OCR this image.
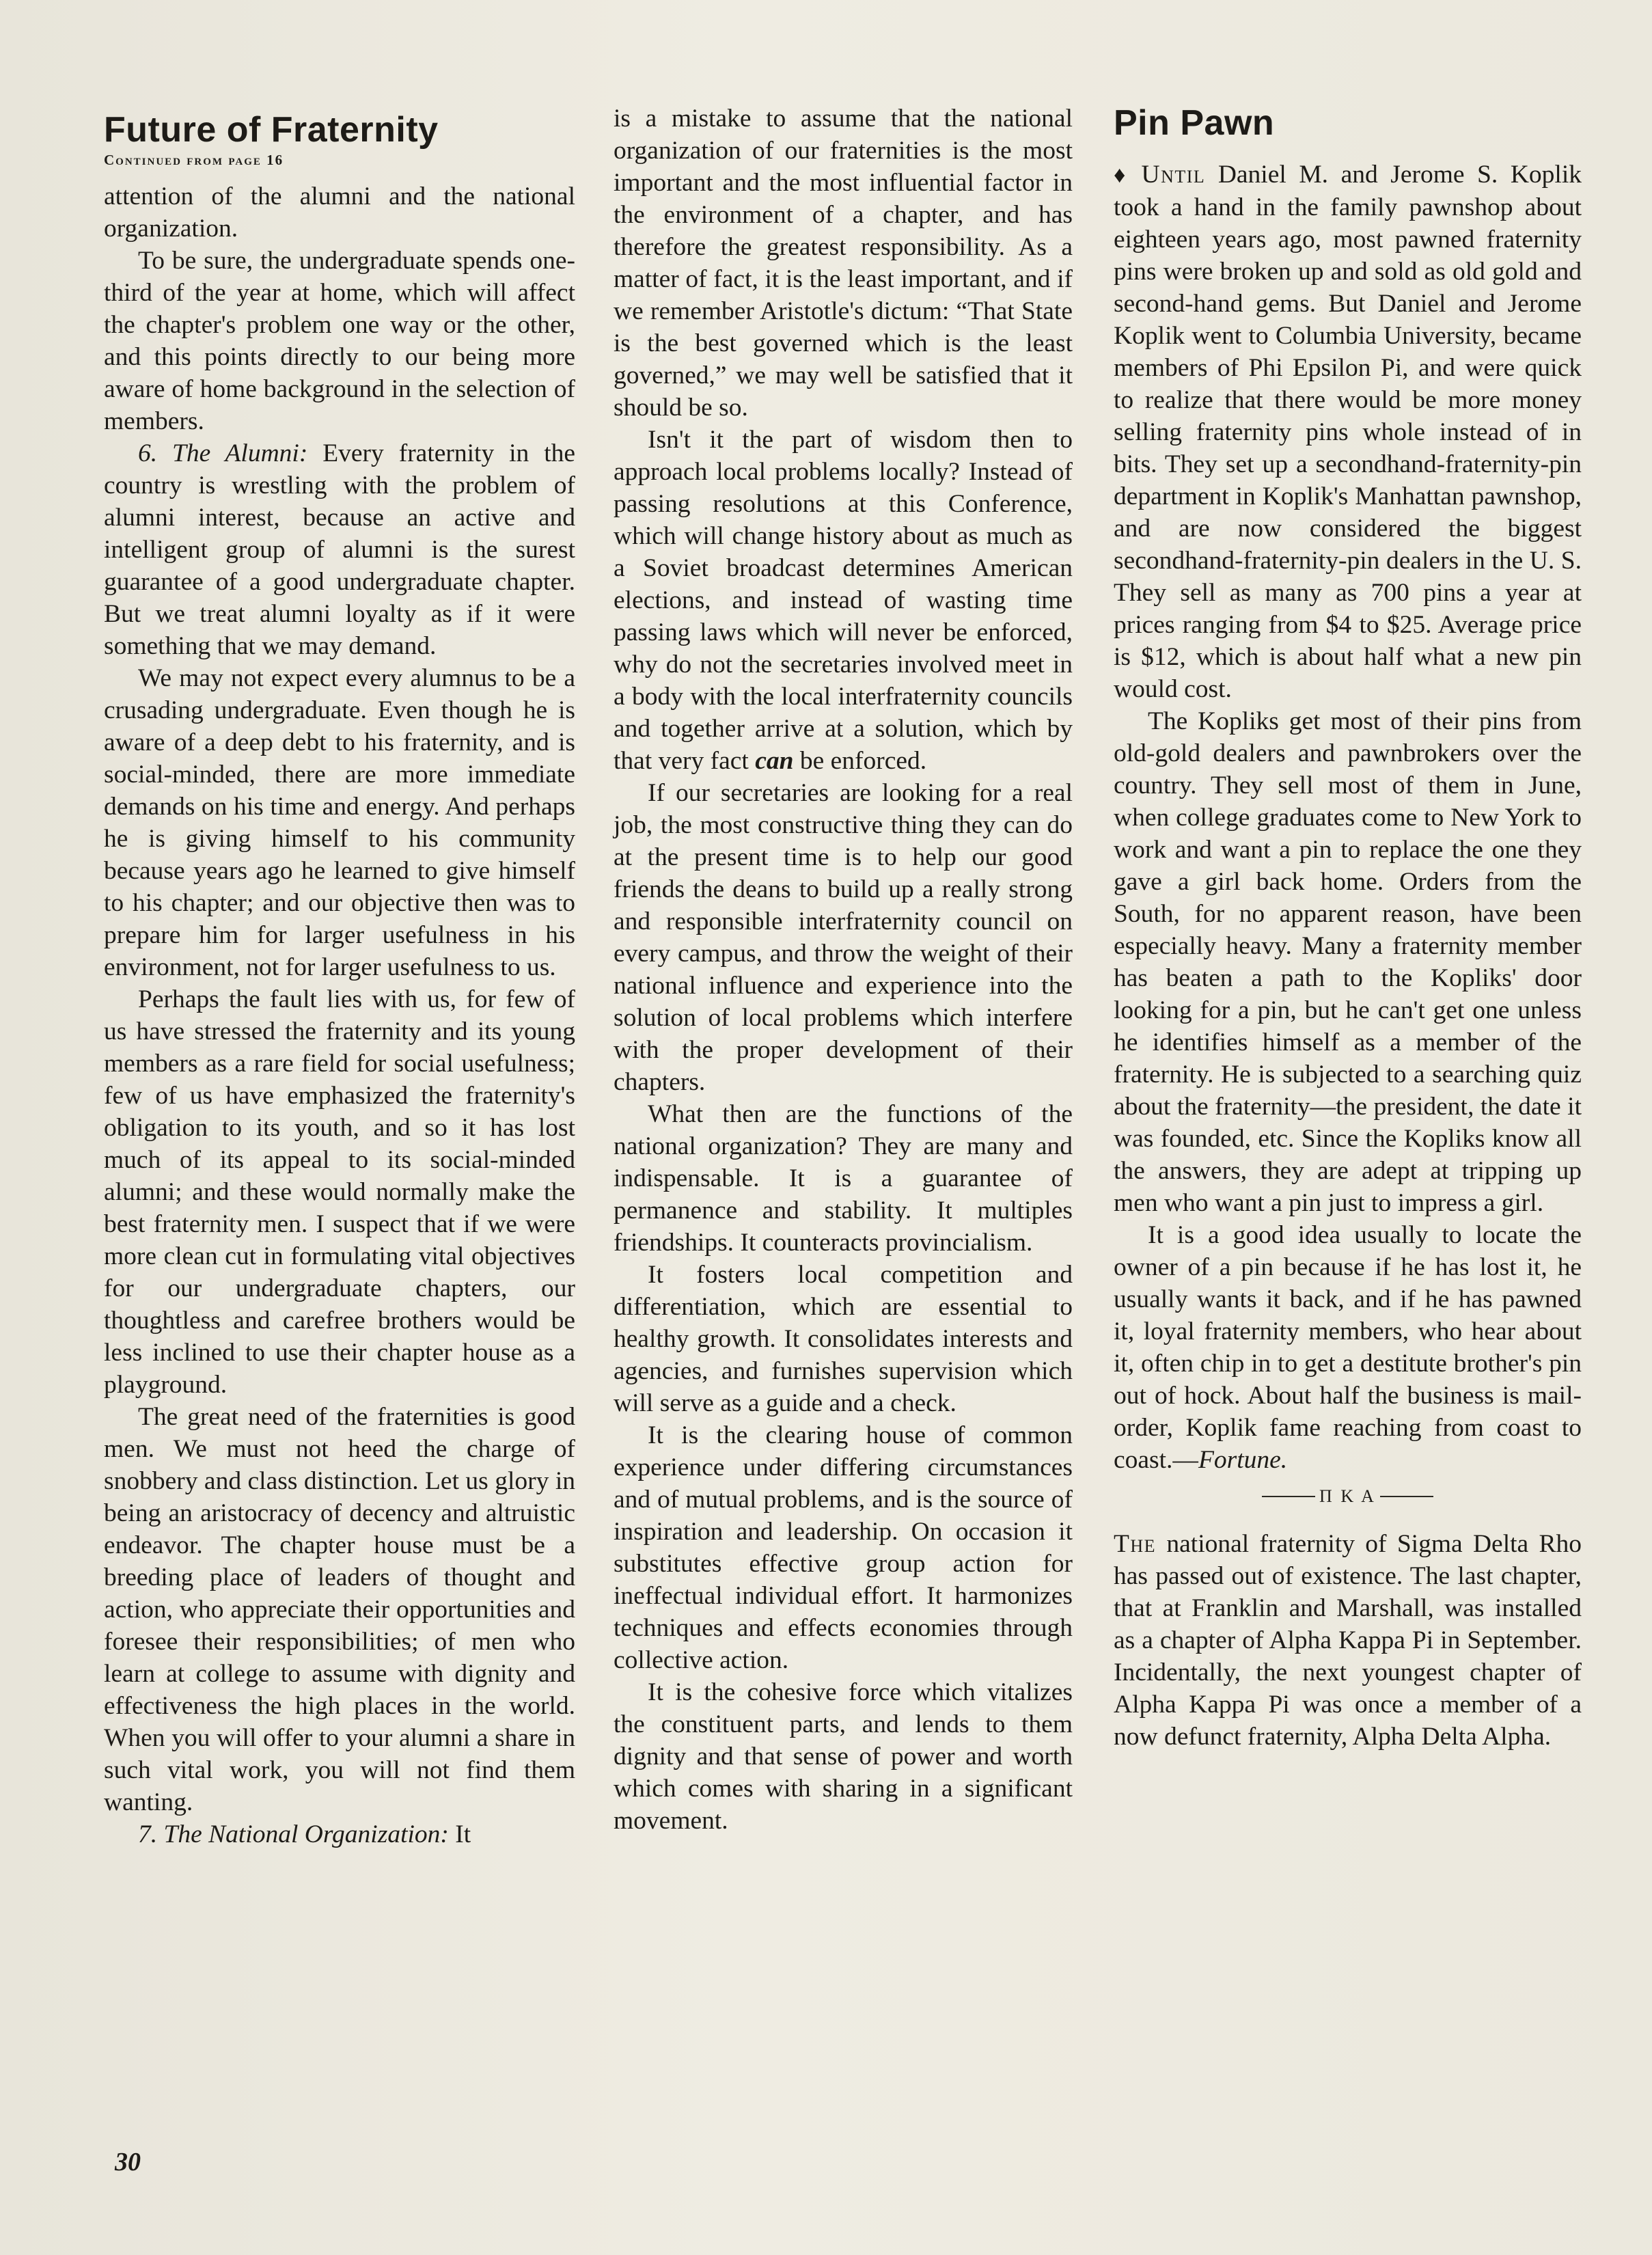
Future of Fraternity
Continued from page 16

attention of the alumni and the national organization.

To be sure, the undergraduate spends one-third of the year at home, which will affect the chapter's problem one way or the other, and this points directly to our being more aware of home background in the selection of members.

6. The Alumni: Every fraternity in the country is wrestling with the problem of alumni interest, because an active and intelligent group of alumni is the surest guarantee of a good undergraduate chapter. But we treat alumni loyalty as if it were something that we may demand.

We may not expect every alumnus to be a crusading undergraduate. Even though he is aware of a deep debt to his fraternity, and is social-minded, there are more immediate demands on his time and energy. And perhaps he is giving himself to his community because years ago he learned to give himself to his chapter; and our objective then was to prepare him for larger usefulness in his environment, not for larger usefulness to us.

Perhaps the fault lies with us, for few of us have stressed the fraternity and its young members as a rare field for social usefulness; few of us have emphasized the fraternity's obligation to its youth, and so it has lost much of its appeal to its social-minded alumni; and these would normally make the best fraternity men. I suspect that if we were more clean cut in formulating vital objectives for our undergraduate chapters, our thoughtless and carefree brothers would be less inclined to use their chapter house as a playground.

The great need of the fraternities is good men. We must not heed the charge of snobbery and class distinction. Let us glory in being an aristocracy of decency and altruistic endeavor. The chapter house must be a breeding place of leaders of thought and action, who appreciate their opportunities and foresee their responsibilities; of men who learn at college to assume with dignity and effectiveness the high places in the world. When you will offer to your alumni a share in such vital work, you will not find them wanting.

7. The National Organization: It

is a mistake to assume that the national organization of our fraternities is the most important and the most influential factor in the environment of a chapter, and has therefore the greatest responsibility. As a matter of fact, it is the least important, and if we remember Aristotle's dictum: “That State is the best governed which is the least governed,” we may well be satisfied that it should be so.

Isn't it the part of wisdom then to approach local problems locally? Instead of passing resolutions at this Conference, which will change history about as much as a Soviet broadcast determines American elections, and instead of wasting time passing laws which will never be enforced, why do not the secretaries involved meet in a body with the local interfraternity councils and together arrive at a solution, which by that very fact can be enforced.

If our secretaries are looking for a real job, the most constructive thing they can do at the present time is to help our good friends the deans to build up a really strong and responsible interfraternity council on every campus, and throw the weight of their national influence and experience into the solution of local problems which interfere with the proper development of their chapters.

What then are the functions of the national organization? They are many and indispensable. It is a guarantee of permanence and stability. It multiples friendships. It counteracts provincialism.

It fosters local competition and differentiation, which are essential to healthy growth. It consolidates interests and agencies, and furnishes supervision which will serve as a guide and a check.

It is the clearing house of common experience under differing circumstances and of mutual problems, and is the source of inspiration and leadership. On occasion it substitutes effective group action for ineffectual individual effort. It harmonizes techniques and effects economies through collective action.

It is the cohesive force which vitalizes the constituent parts, and lends to them dignity and that sense of power and worth which comes with sharing in a significant movement.

Pin Pawn

♦ Until Daniel M. and Jerome S. Koplik took a hand in the family pawnshop about eighteen years ago, most pawned fraternity pins were broken up and sold as old gold and second-hand gems. But Daniel and Jerome Koplik went to Columbia University, became members of Phi Epsilon Pi, and were quick to realize that there would be more money selling fraternity pins whole instead of in bits. They set up a secondhand-fraternity-pin department in Koplik's Manhattan pawnshop, and are now considered the biggest secondhand-fraternity-pin dealers in the U. S. They sell as many as 700 pins a year at prices ranging from $4 to $25. Average price is $12, which is about half what a new pin would cost.

The Kopliks get most of their pins from old-gold dealers and pawnbrokers over the country. They sell most of them in June, when college graduates come to New York to work and want a pin to replace the one they gave a girl back home. Orders from the South, for no apparent reason, have been especially heavy. Many a fraternity member has beaten a path to the Kopliks' door looking for a pin, but he can't get one unless he identifies himself as a member of the fraternity. He is subjected to a searching quiz about the fraternity—the president, the date it was founded, etc. Since the Kopliks know all the answers, they are adept at tripping up men who want a pin just to impress a girl.

It is a good idea usually to locate the owner of a pin because if he has lost it, he usually wants it back, and if he has pawned it, loyal fraternity members, who hear about it, often chip in to get a destitute brother's pin out of hock. About half the business is mail-order, Koplik fame reaching from coast to coast.—Fortune.

Π K A

The national fraternity of Sigma Delta Rho has passed out of existence. The last chapter, that at Franklin and Marshall, was installed as a chapter of Alpha Kappa Pi in September. Incidentally, the next youngest chapter of Alpha Kappa Pi was once a member of a now defunct fraternity, Alpha Delta Alpha.

30
